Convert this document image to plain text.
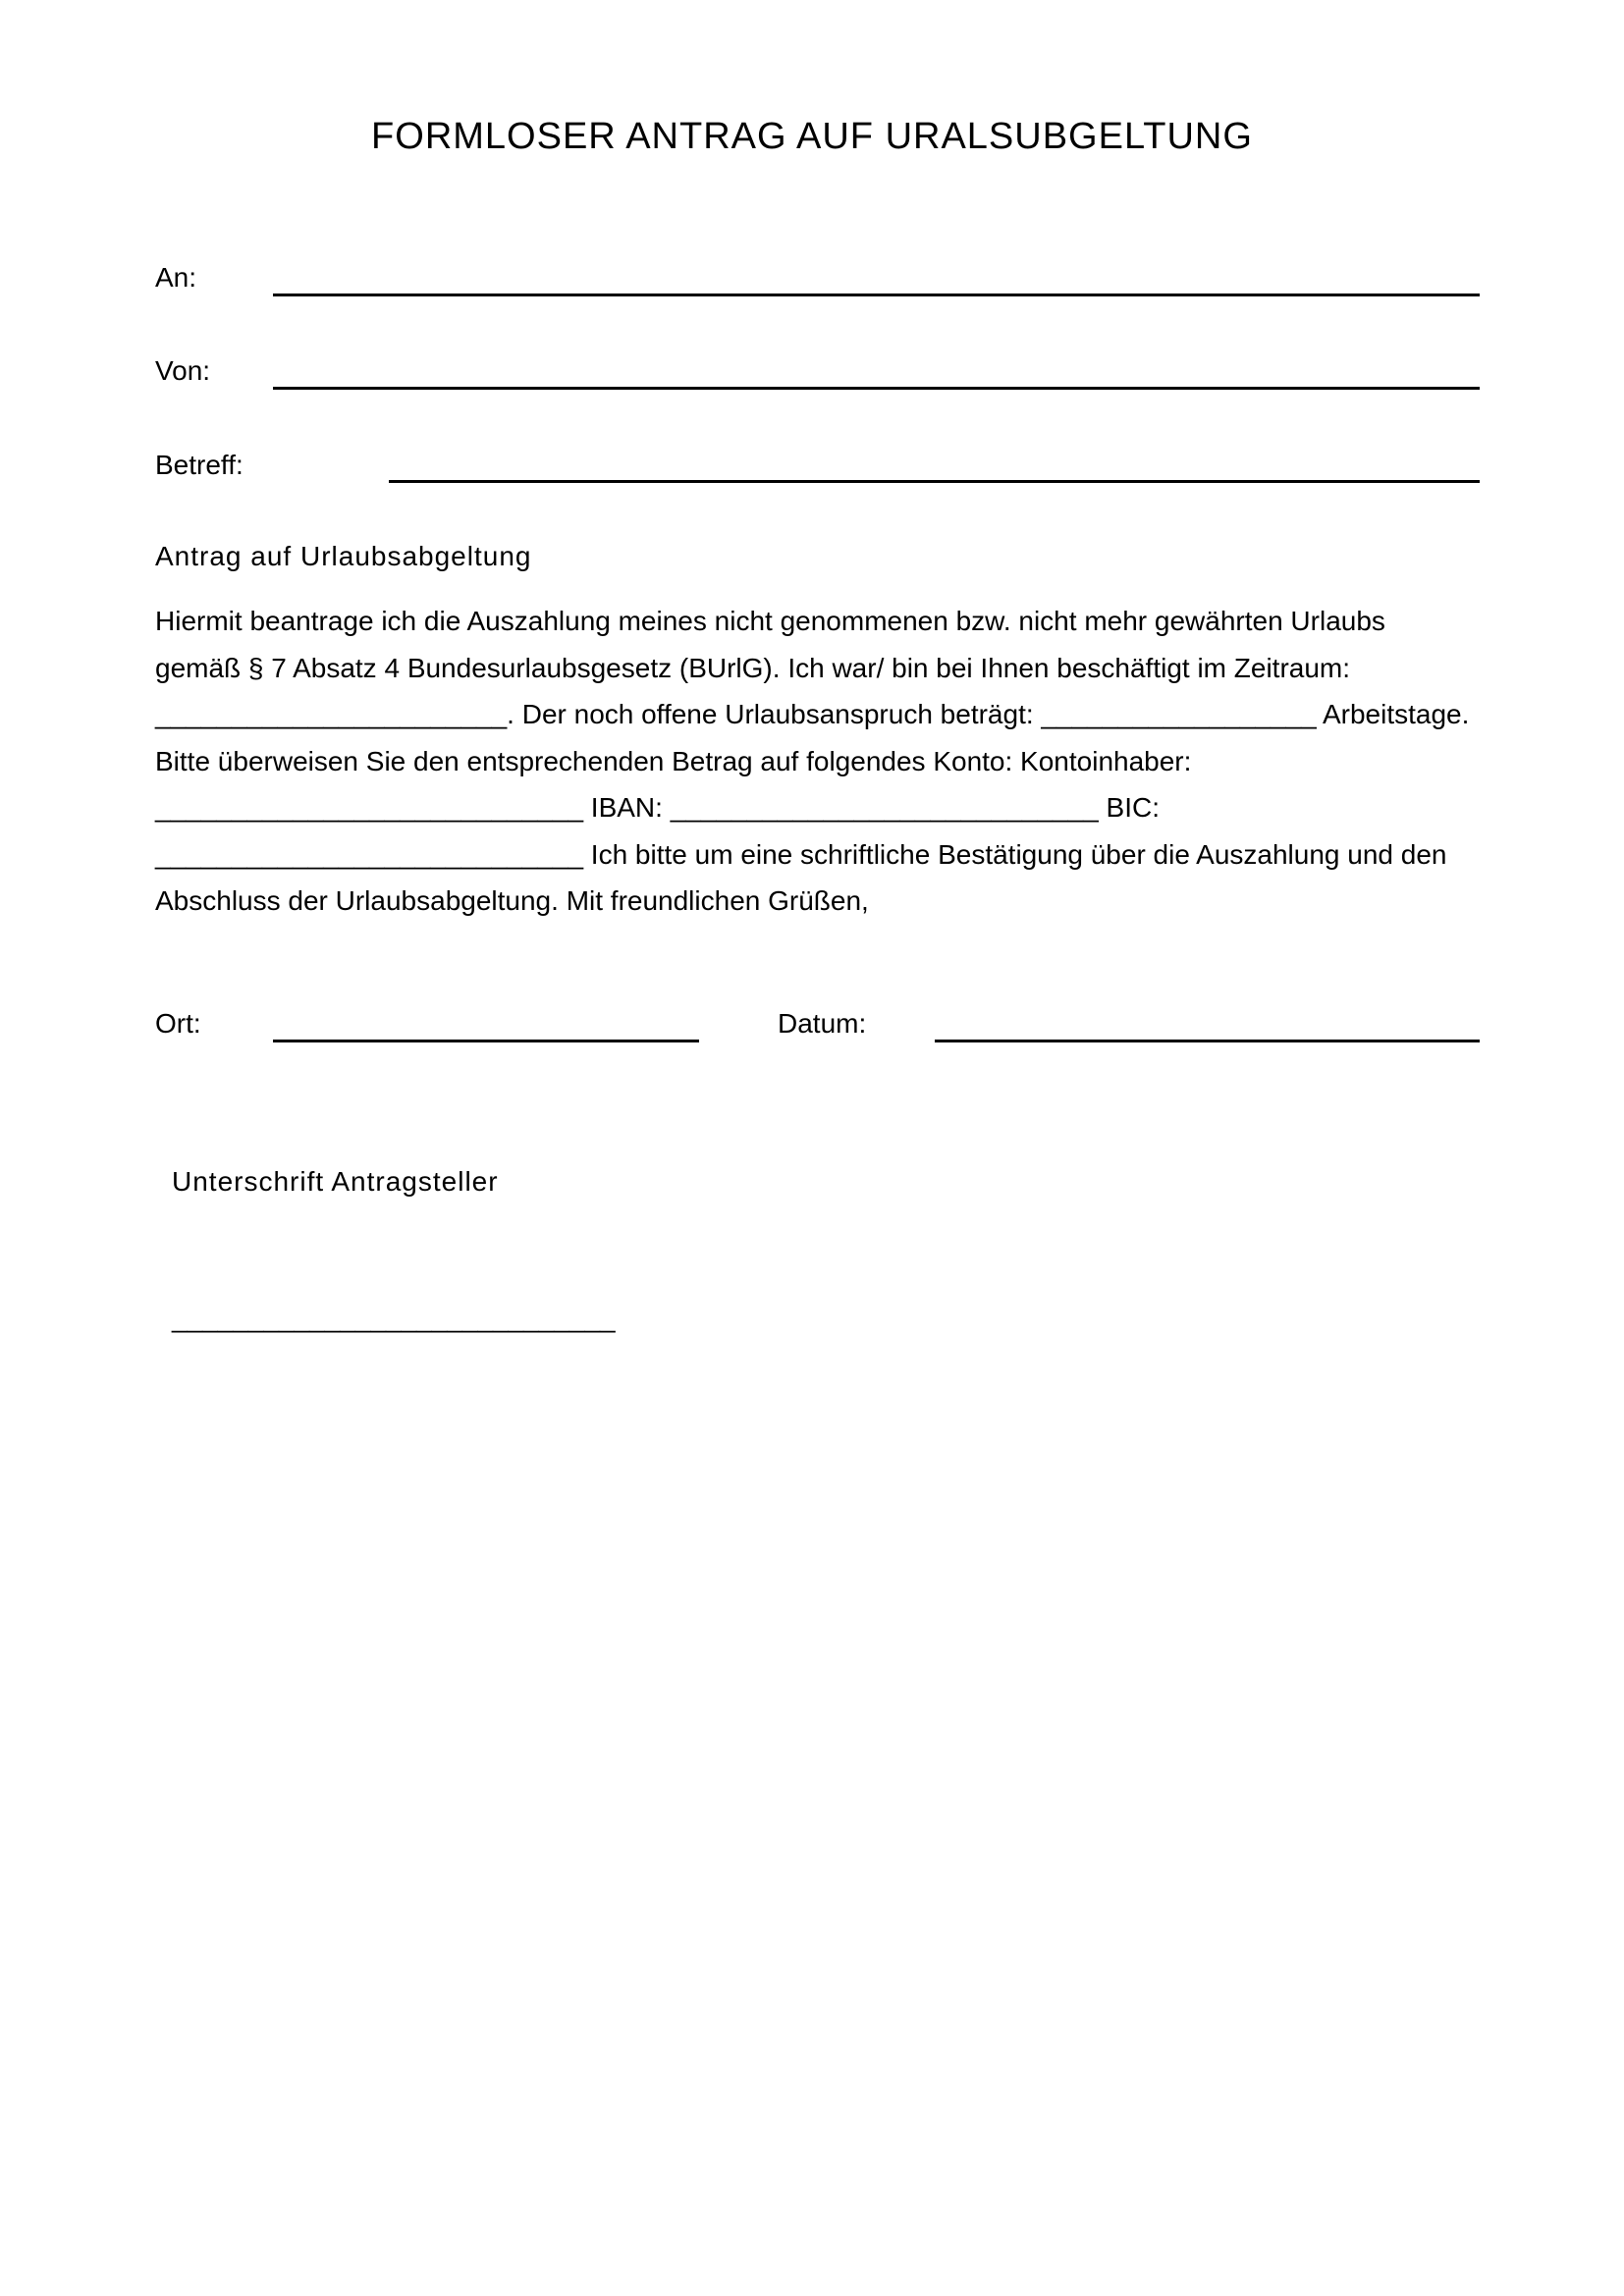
FORMLOSER ANTRAG AUF URALSUBGELTUNG
An:
Von:
Betreff:
Antrag auf Urlaubsabgeltung
Hiermit beantrage ich die Auszahlung meines nicht genommenen bzw. nicht mehr gewährten Urlaubs
gemäß § 7 Absatz 4 Bundesurlaubsgesetz (BUrlG). Ich war/ bin bei Ihnen beschäftigt im Zeitraum:
_______________________. Der noch offene Urlaubsanspruch beträgt: __________________ Arbeitstage.
Bitte überweisen Sie den entsprechenden Betrag auf folgendes Konto: Kontoinhaber:
____________________________ IBAN: ____________________________ BIC:
____________________________ Ich bitte um eine schriftliche Bestätigung über die Auszahlung und den
Abschluss der Urlaubsabgeltung. Mit freundlichen Grüßen,
Ort:	Datum:
Unterschrift Antragsteller
_____________________________
